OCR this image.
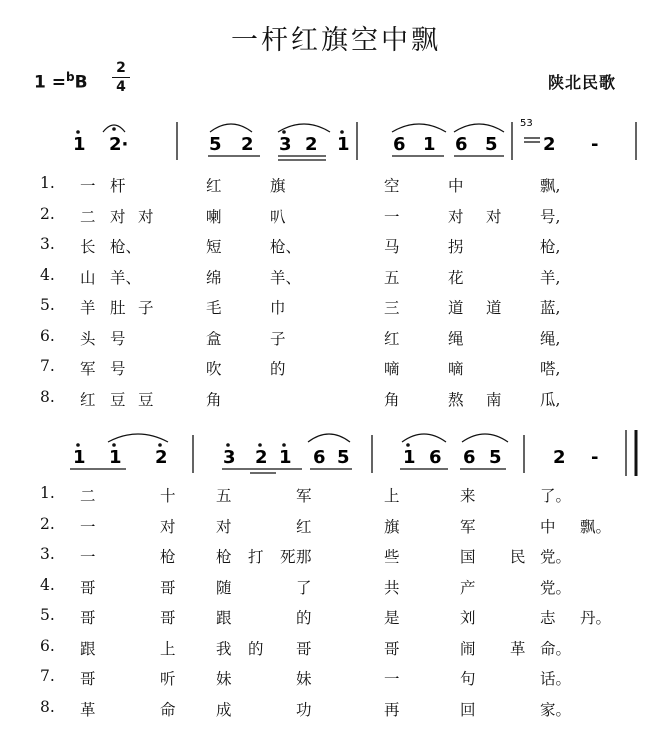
一杆红旗空中飘
1 =$^b$B
2
4	陕北民歌
53
1 2·	5 2 3 2 1 6 1 6 5	2 -
1 1 2	3 2 1 6 5	1 6 6 5	2 -
1. 一 杆	红	旗	空	中	飘,
2. 二 对 对	喇	叭	一	对 对 号,
3. 长 枪、	短	枪、	马	拐	枪,
4. 山 羊、	绵	羊、	五	花	羊,
5. 羊 肚 子	毛	巾	三	道 道 蓝,
6. 头 号	盒	子	红	绳	绳,
7. 军 号	吹	的	嘀	嘀	嗒,
8. 红 豆 豆	角	角	熬 南 瓜,
1. 二	十	五	军	上	来	了。
2. 一	对	对	红	旗	军	中 飘。
3. 一	枪	枪 打 死 那	些	国 民 党。
4. 哥	哥	随	了	共	产	党。
5. 哥	哥	跟	的	是	刘	志 丹。
6. 跟	上	我 的 哥	哥	闹 革 命。
7. 哥	听	妹	妹	一	句	话。
8. 革	命	成	功	再	回	家。
